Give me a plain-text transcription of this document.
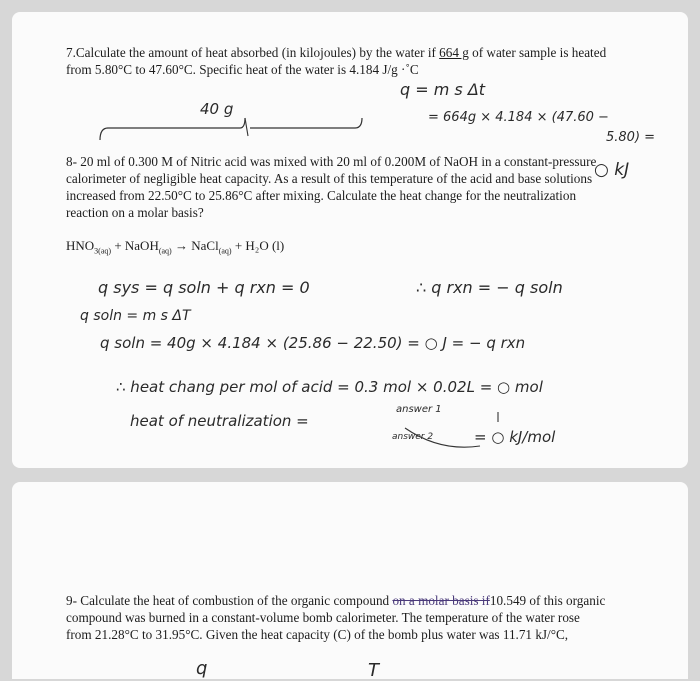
7.Calculate the amount of heat absorbed (in kilojoules) by the water if 664 g of water sample is heated from 5.80°C to 47.60°C. Specific heat of the water is 4.184 J/g ·˚C
8- 20 ml of 0.300 M of Nitric acid was mixed with 20 ml of 0.200M of NaOH in a constant-pressure calorimeter of negligible heat capacity. As a result of this temperature of the acid and base solutions increased from 22.50°C to 25.86°C after mixing. Calculate the heat change for the neutralization reaction on a molar basis?
$HNO_{3(aq)}$ + NaOH$_{(aq)}$ → NaCl$_{(aq)}$ + H₂O (l)
9- Calculate the heat of combustion of the organic compound on a molar basis if10.549 of this organic compound was burned in a constant-volume bomb calorimeter. The temperature of the water rose from 21.28°C to 31.95°C. Given the heat capacity (C) of the bomb plus water was 11.71 kJ/°C,
40 g
q = m s Δt
= 664g × 4.184 × (47.60 −
5.80) =
○ kJ
q sys = q soln + q rxn = 0	∴ q rxn = − q soln
q soln = m s ΔT
q soln = 40g × 4.184 × (25.86 − 22.50) = ○ J = − q rxn
∴ heat chang per mol of acid = 0.3 mol × 0.02L = ○ mol
heat of neutralization =
answer 1
answer 2	= ○ kJ/mol
q	T
